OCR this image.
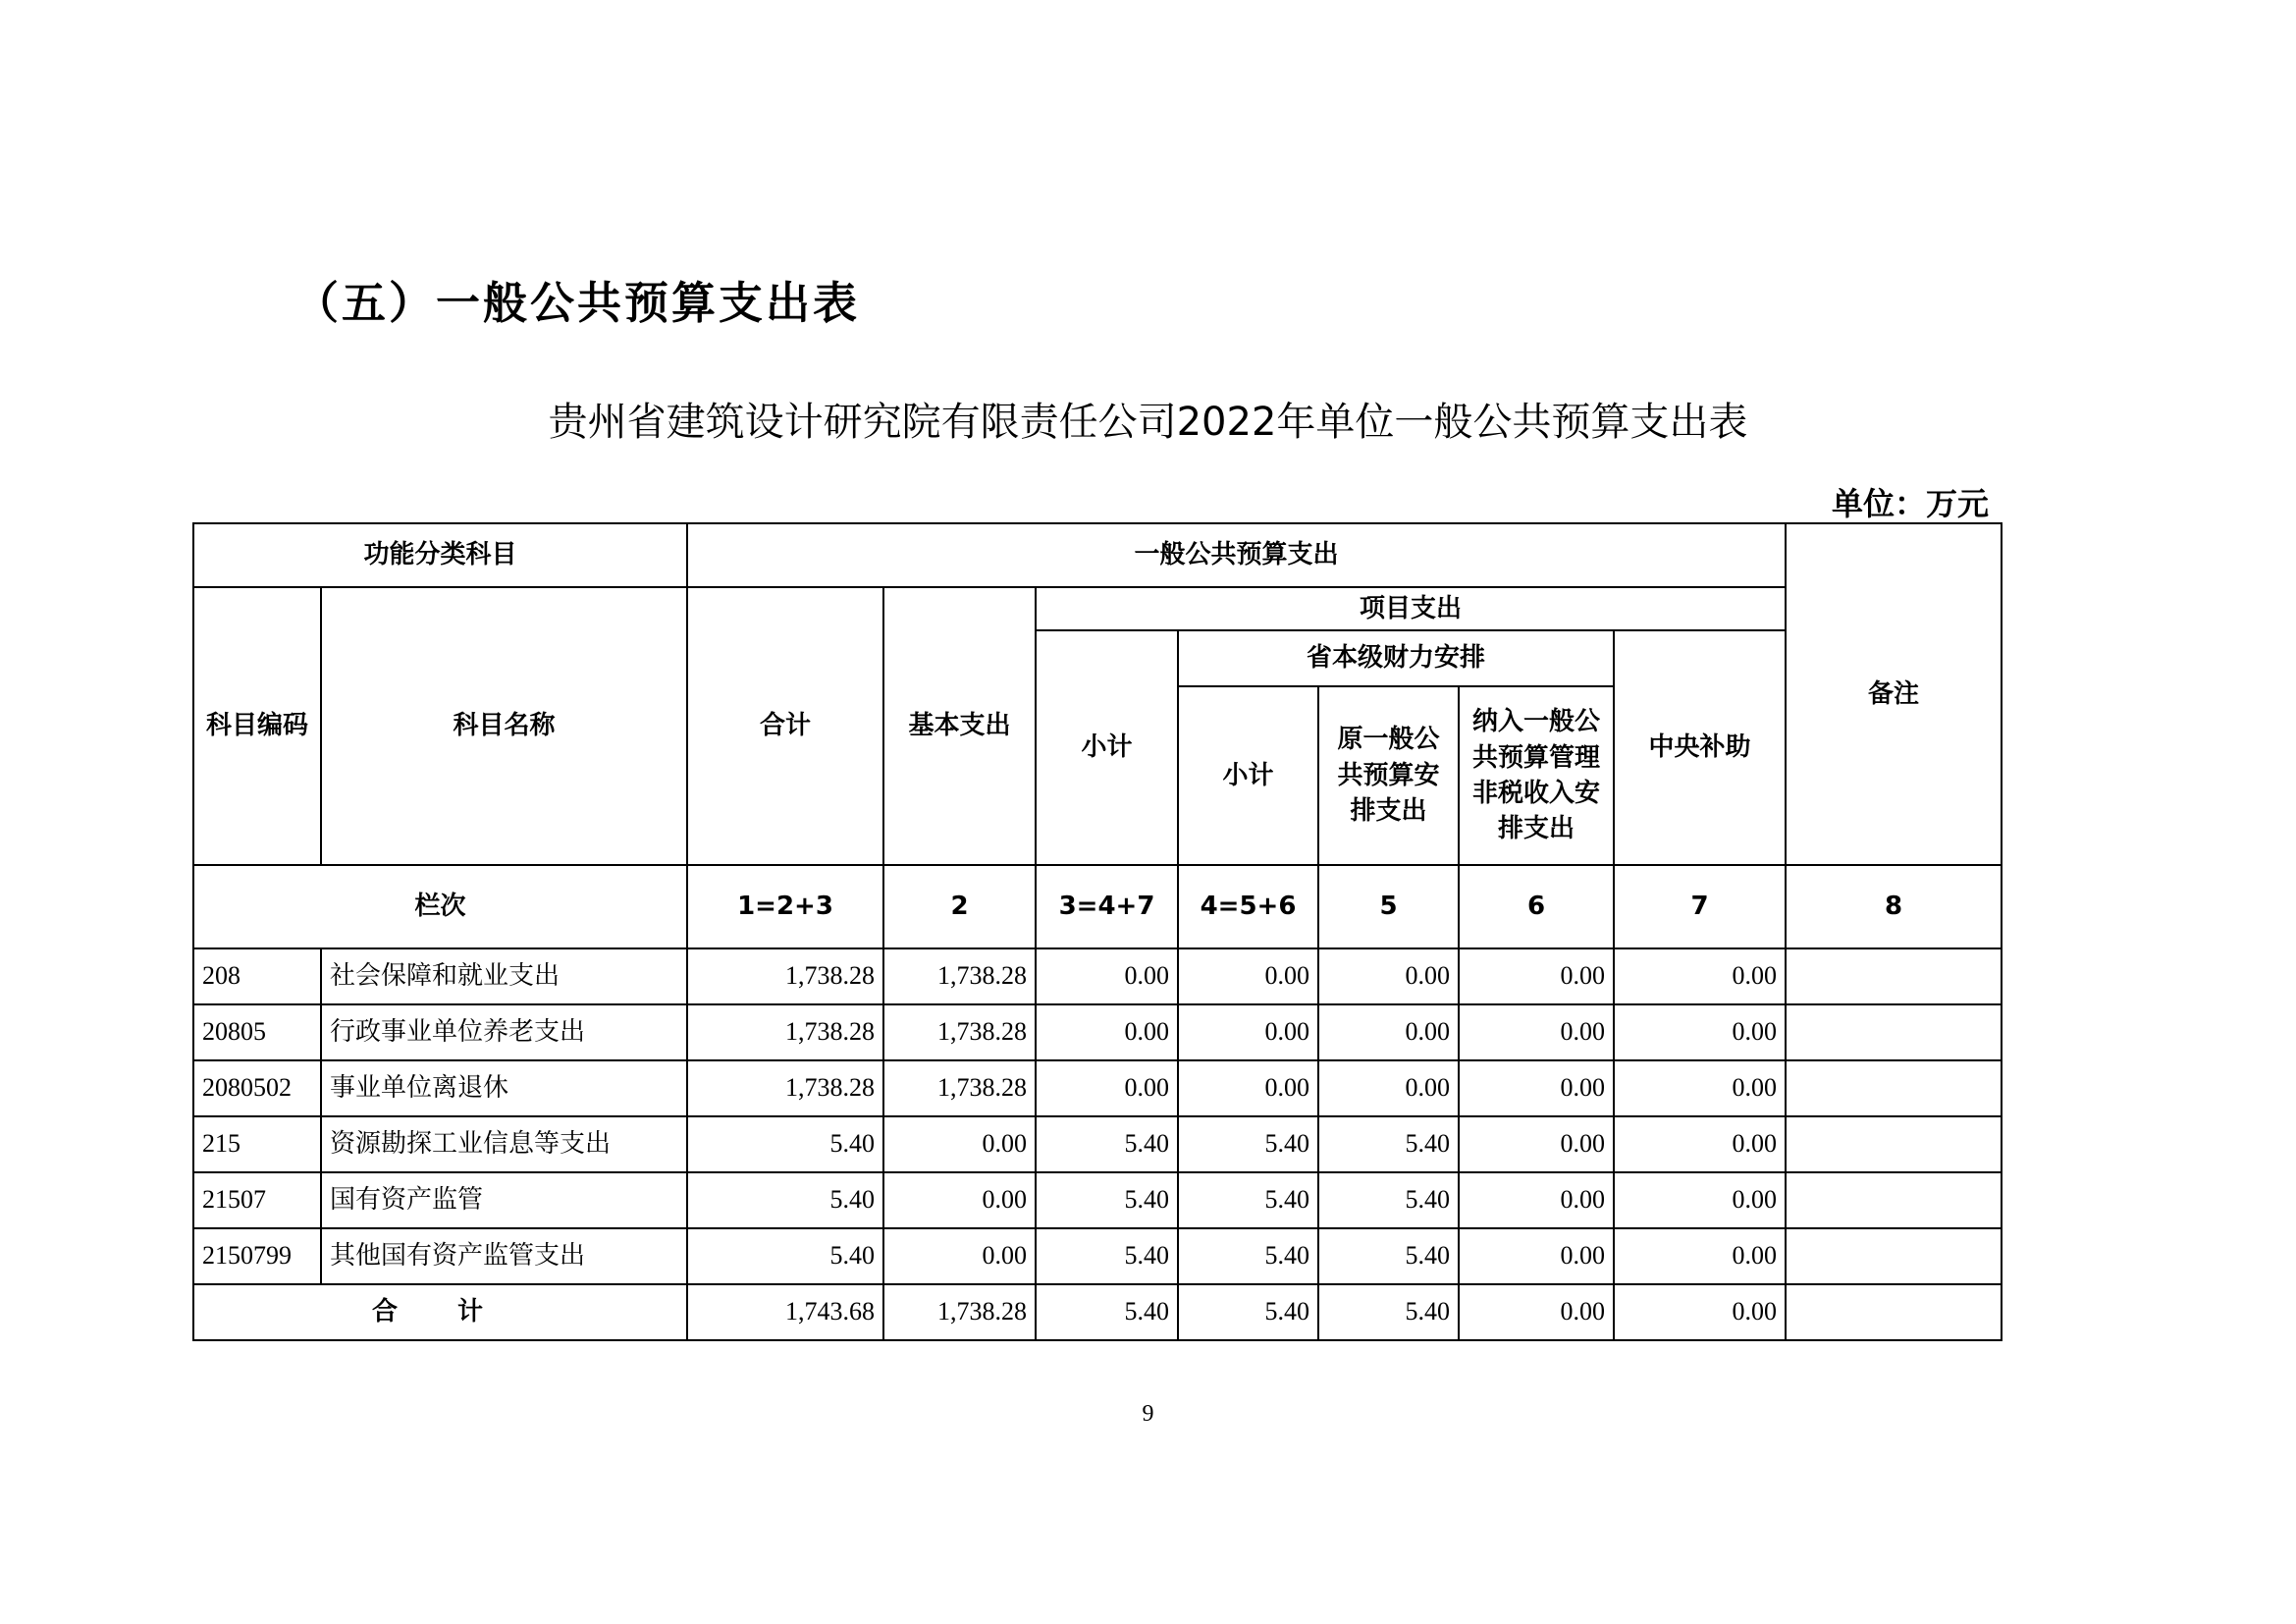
（五）一般公共预算支出表
贵州省建筑设计研究院有限责任公司2022年单位一般公共预算支出表
单位：万元
功能分类科目		一般公共预算支出							备注
科目编码	科目名称	合计	基本支出	项目支出					
				小计	省本级财力安排			中央补助	
					小计	原一般公共预算安排支出	纳入一般公共预算管理非税收入安排支出		
栏次		1=2+3	2	3=4+7	4=5+6	5	6	7	8
208	社会保障和就业支出	1,738.28	1,738.28	0.00	0.00	0.00	0.00	0.00	
20805	行政事业单位养老支出	1,738.28	1,738.28	0.00	0.00	0.00	0.00	0.00	
2080502	事业单位离退休	1,738.28	1,738.28	0.00	0.00	0.00	0.00	0.00	
215	资源勘探工业信息等支出	5.40	0.00	5.40	5.40	5.40	0.00	0.00	
21507	国有资产监管	5.40	0.00	5.40	5.40	5.40	0.00	0.00	
2150799	其他国有资产监管支出	5.40	0.00	5.40	5.40	5.40	0.00	0.00	
合 计		1,743.68	1,738.28	5.40	5.40	5.40	0.00	0.00	
9
